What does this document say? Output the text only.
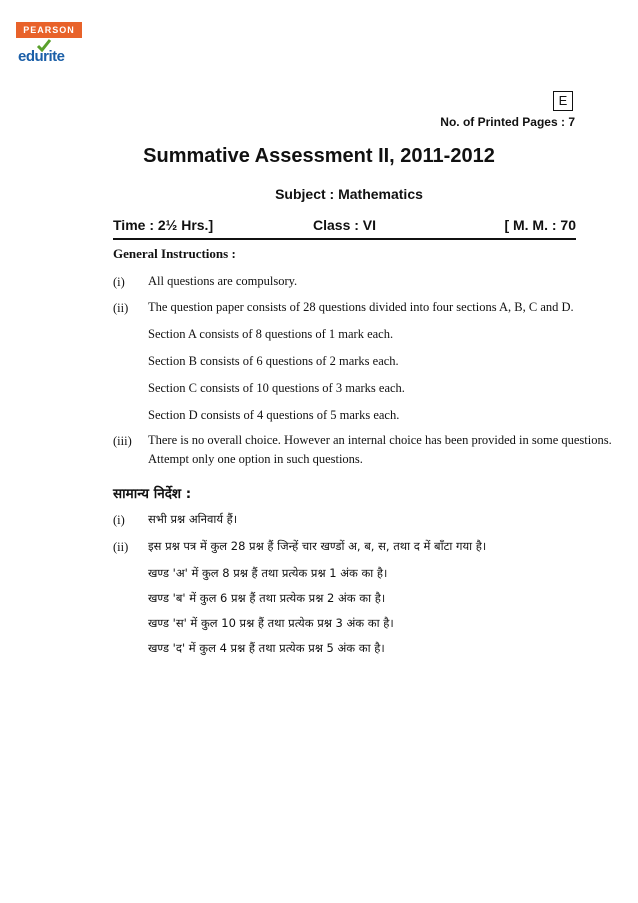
PEARSON
edurite
E
No. of Printed Pages : 7
Summative Assessment II, 2011-2012
Subject : Mathematics
Time : 2½ Hrs.]	Class : VI	[ M. M. : 70
General Instructions :
(i) All questions are compulsory.
(ii) The question paper consists of 28 questions divided into four sections A, B, C and D.
Section A consists of 8 questions of 1 mark each.
Section B consists of 6 questions of 2 marks each.
Section C consists of 10 questions of 3 marks each.
Section D consists of 4 questions of 5 marks each.
(iii) There is no overall choice. However an internal choice has been provided in some questions.
Attempt only one option in such questions.
सामान्य निर्देश :
(i) सभी प्रश्न अनिवार्य हैं।
(ii) इस प्रश्न पत्र में कुल 28 प्रश्न हैं जिन्हें चार खण्डों अ, ब, स, तथा द में बाँटा गया है।
खण्ड 'अ' में कुल 8 प्रश्न हैं तथा प्रत्येक प्रश्न 1 अंक का है।
खण्ड 'ब' में कुल 6 प्रश्न हैं तथा प्रत्येक प्रश्न 2 अंक का है।
खण्ड 'स' में कुल 10 प्रश्न हैं तथा प्रत्येक प्रश्न 3 अंक का है।
खण्ड 'द' में कुल 4 प्रश्न हैं तथा प्रत्येक प्रश्न 5 अंक का है।
